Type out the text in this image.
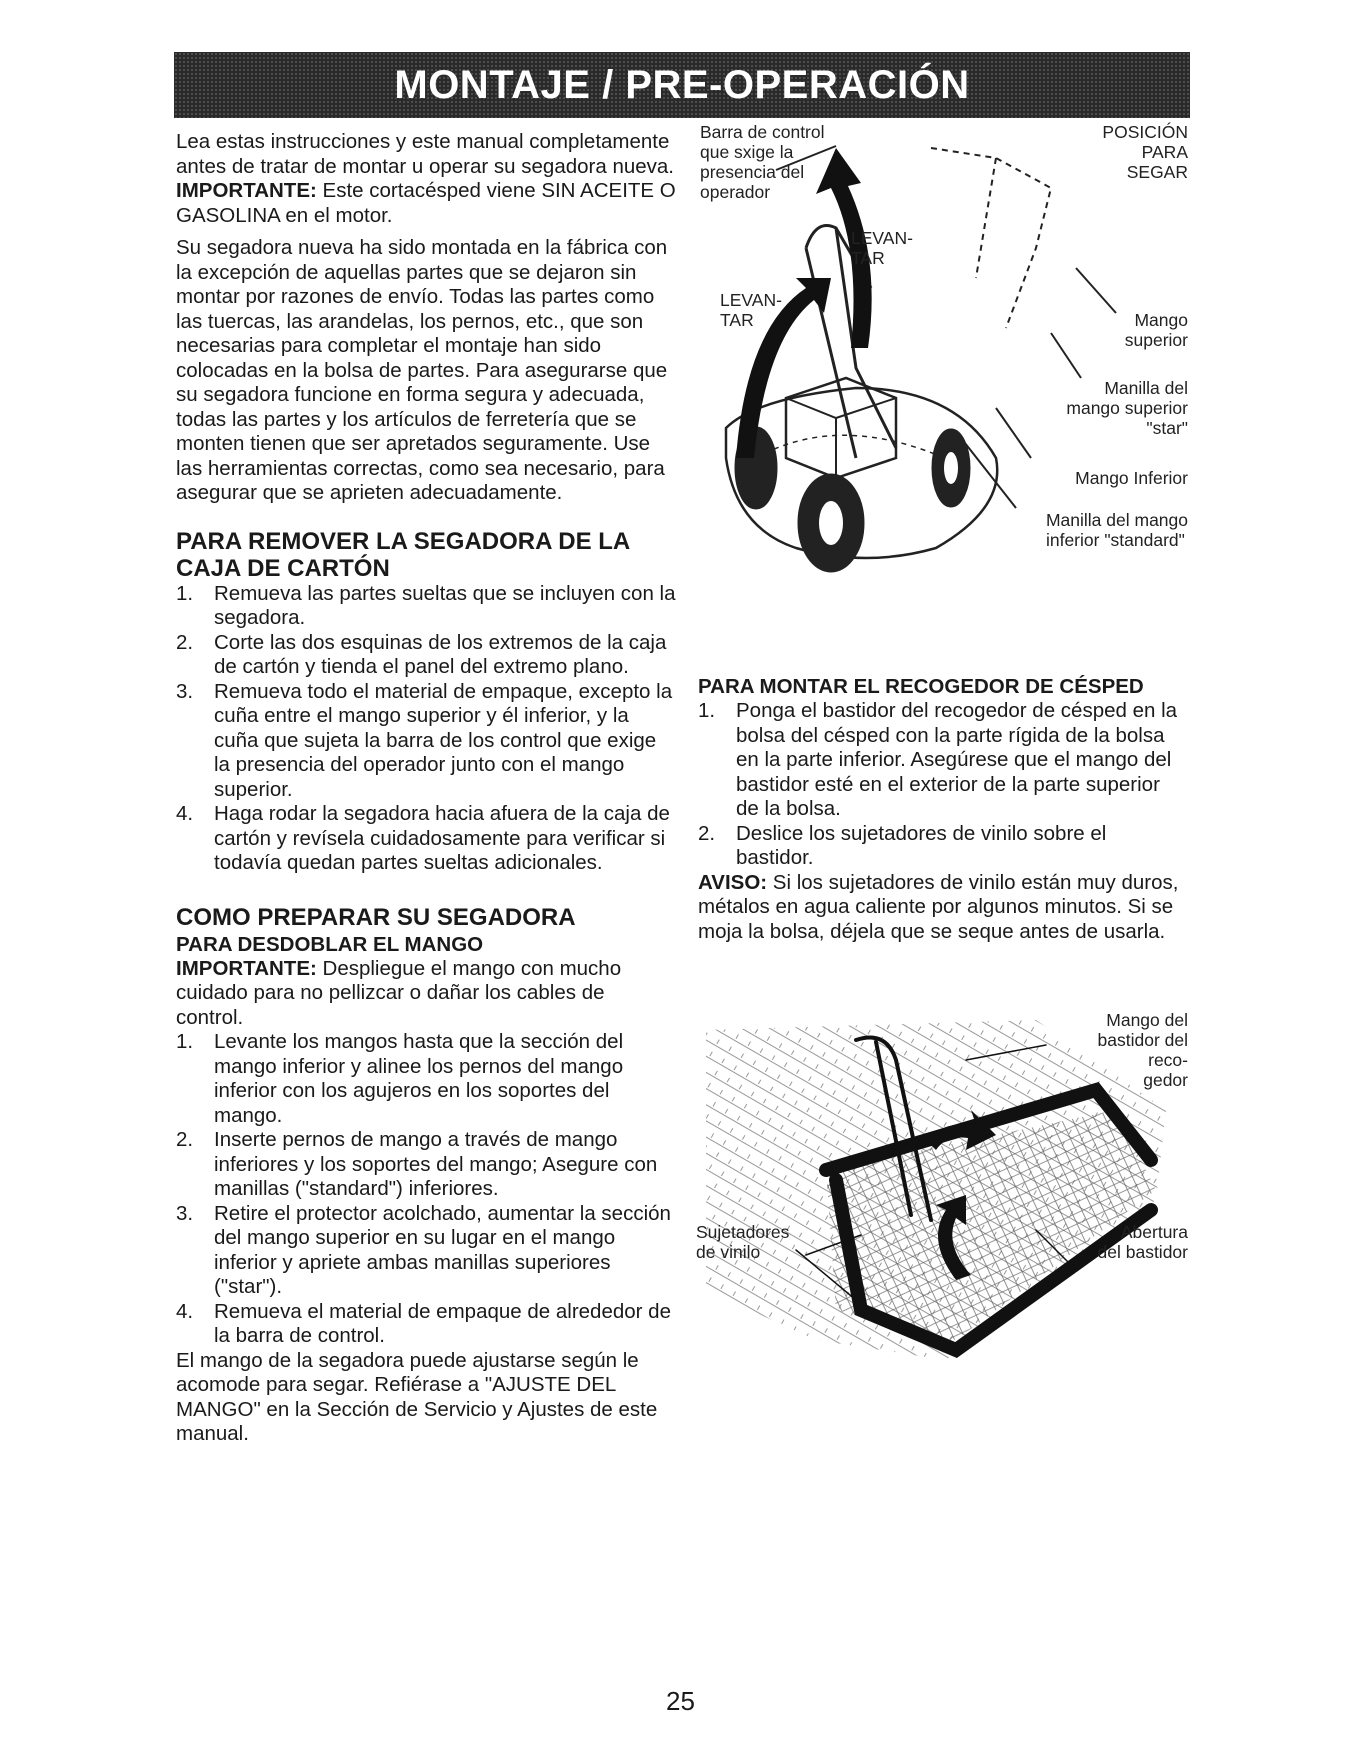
MONTAJE / PRE-OPERACIÓN

Lea estas instrucciones y este manual completamente antes de tratar de montar u operar su segadora nueva.

IMPORTANTE: Este cortacésped viene SIN ACEITE O GASOLINA en el motor.

Su segadora nueva ha sido montada en la fábrica con la excepción de aquellas partes que se dejaron sin montar por razones de envío. Todas las partes como las tuercas, las arandelas, los pernos, etc., que son necesarias para completar el montaje han sido colocadas en la bolsa de partes. Para asegurarse que su segadora funcione en forma segura y adecuada, todas las partes y los artículos de ferretería que se monten tienen que ser apretados seguramente. Use las herramientas correctas, como sea necesario, para asegurar que se aprieten adecuadamente.

PARA REMOVER LA SEGADORA DE LA CAJA DE CARTÓN
1. Remueva las partes sueltas que se incluyen con la segadora.
2. Corte las dos esquinas de los extremos de la caja de cartón y tienda el panel del extremo plano.
3. Remueva todo el material de empaque, excepto la cuña entre el mango superior y él inferior, y la cuña que sujeta la barra de los control que exige la presencia del operador junto con el mango superior.
4. Haga rodar la segadora hacia afuera de la caja de cartón y revísela cuidadosamente para verificar si todavía quedan partes sueltas adicionales.
COMO PREPARAR SU SEGADORA
PARA DESDOBLAR EL MANGO

IMPORTANTE: Despliegue el mango con mucho cuidado para no pellizcar o dañar los cables de control.

1. Levante los mangos hasta que la sección del mango inferior y alinee los pernos del mango inferior con los agujeros en los soportes del mango.
2. Inserte pernos de mango a través de mango inferiores y los soportes del mango; Asegure con manillas ("standard") inferiores.
3. Retire el protector acolchado, aumentar la sección del mango superior en su lugar en el mango inferior y apriete ambas manillas superiores ("star").
4. Remueva el material de empaque de alrededor de la barra de control.

El mango de la segadora puede ajustarse según le acomode para segar. Refiérase a "AJUSTE DEL MANGO" en la Sección de Servicio y Ajustes de este manual.

Barra de control
que sxige la
presencia del
operador
POSICIÓN
PARA
SEGAR
LEVAN-
TAR
LEVAN-
TAR	Mango
superior
Manilla del
mango superior
"star"
Mango Inferior
Manilla del mango
inferior "standard"
PARA MONTAR EL RECOGEDOR DE CÉSPED
1. Ponga el bastidor del recogedor de césped en la bolsa del césped con la parte rígida de la bolsa en la parte inferior. Asegúrese que el mango del bastidor esté en el exterior de la parte superior de la bolsa.
2. Deslice los sujetadores de vinilo sobre el bastidor.

AVISO: Si los sujetadores de vinilo están muy duros, métalos en agua caliente por algunos minutos. Si se moja la bolsa, déjela que se seque antes de usarla.

Mango del
bastidor del
reco-
gedor
Sujetadores
de vinilo
Abertura
del bastidor
25
